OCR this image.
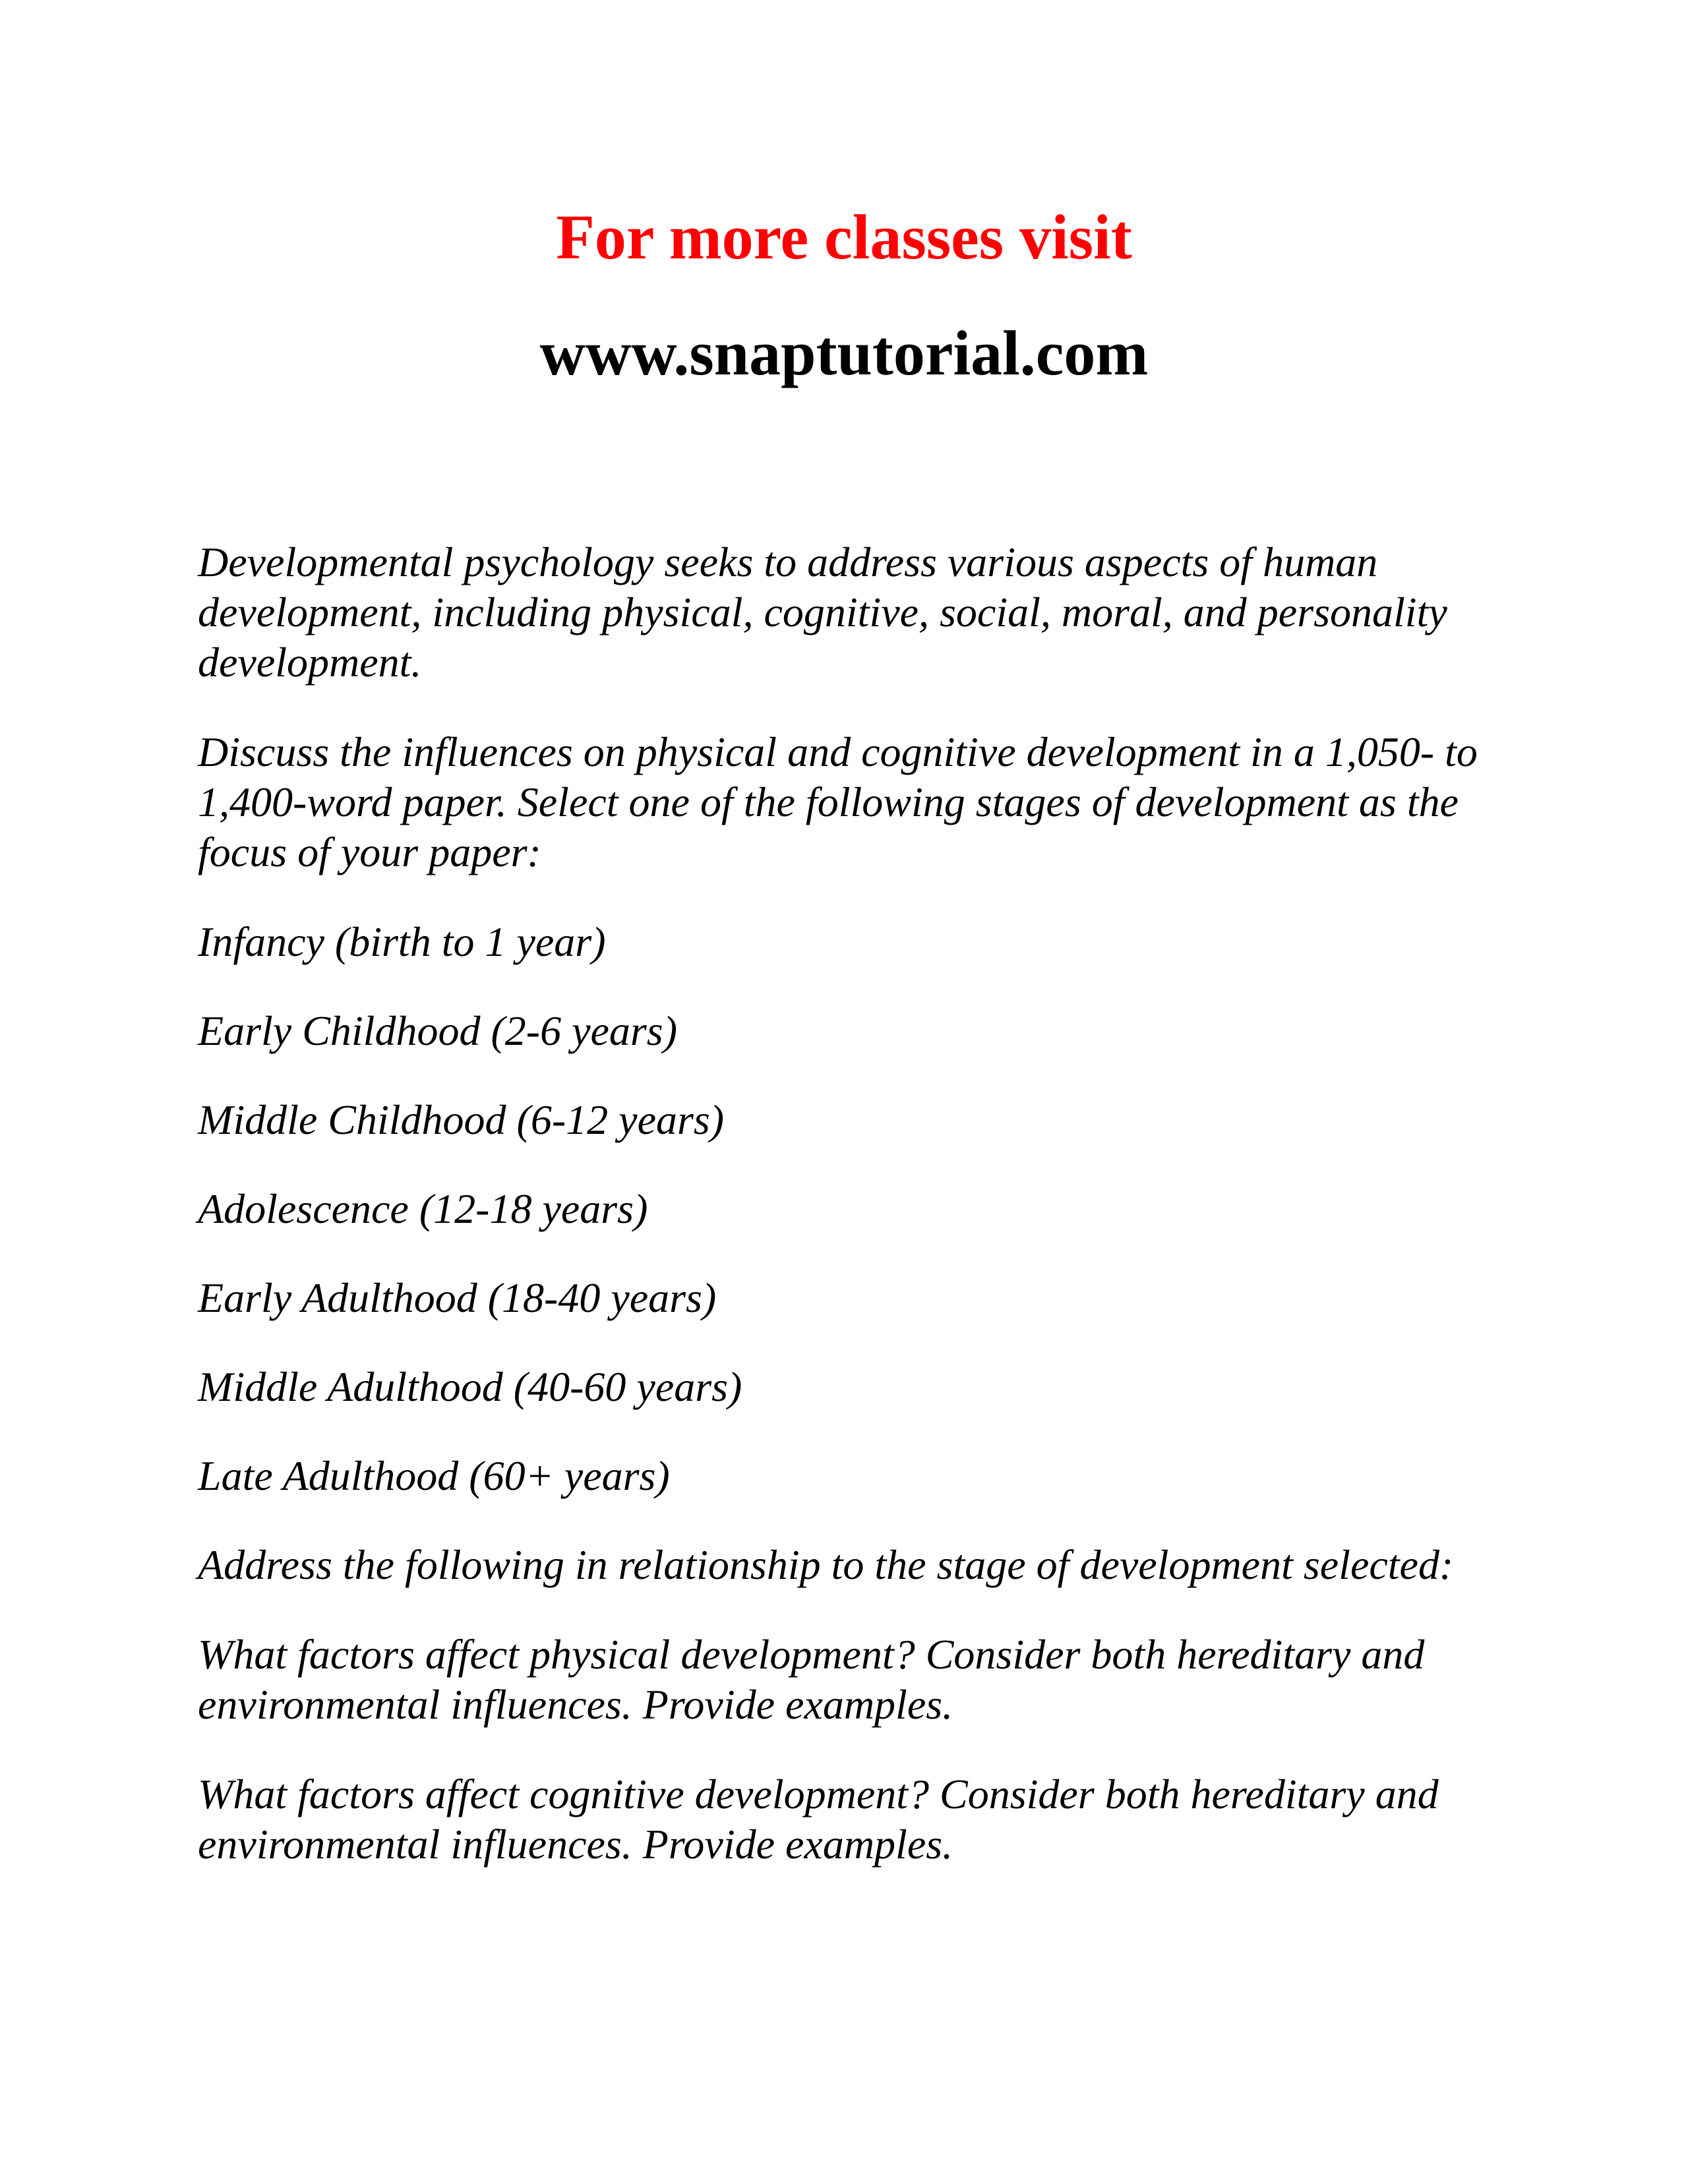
For more classes visit
www.snaptutorial.com

Developmental psychology seeks to address various aspects of human development, including physical, cognitive, social, moral, and personality development.

Discuss the influences on physical and cognitive development in a 1,050- to 1,400-word paper. Select one of the following stages of development as the focus of your paper:

Infancy (birth to 1 year)

Early Childhood (2-6 years)

Middle Childhood (6-12 years)

Adolescence (12-18 years)

Early Adulthood (18-40 years)

Middle Adulthood (40-60 years)

Late Adulthood (60+ years)

Address the following in relationship to the stage of development selected:

What factors affect physical development? Consider both hereditary and environmental influences. Provide examples.

What factors affect cognitive development? Consider both hereditary and environmental influences. Provide examples.
